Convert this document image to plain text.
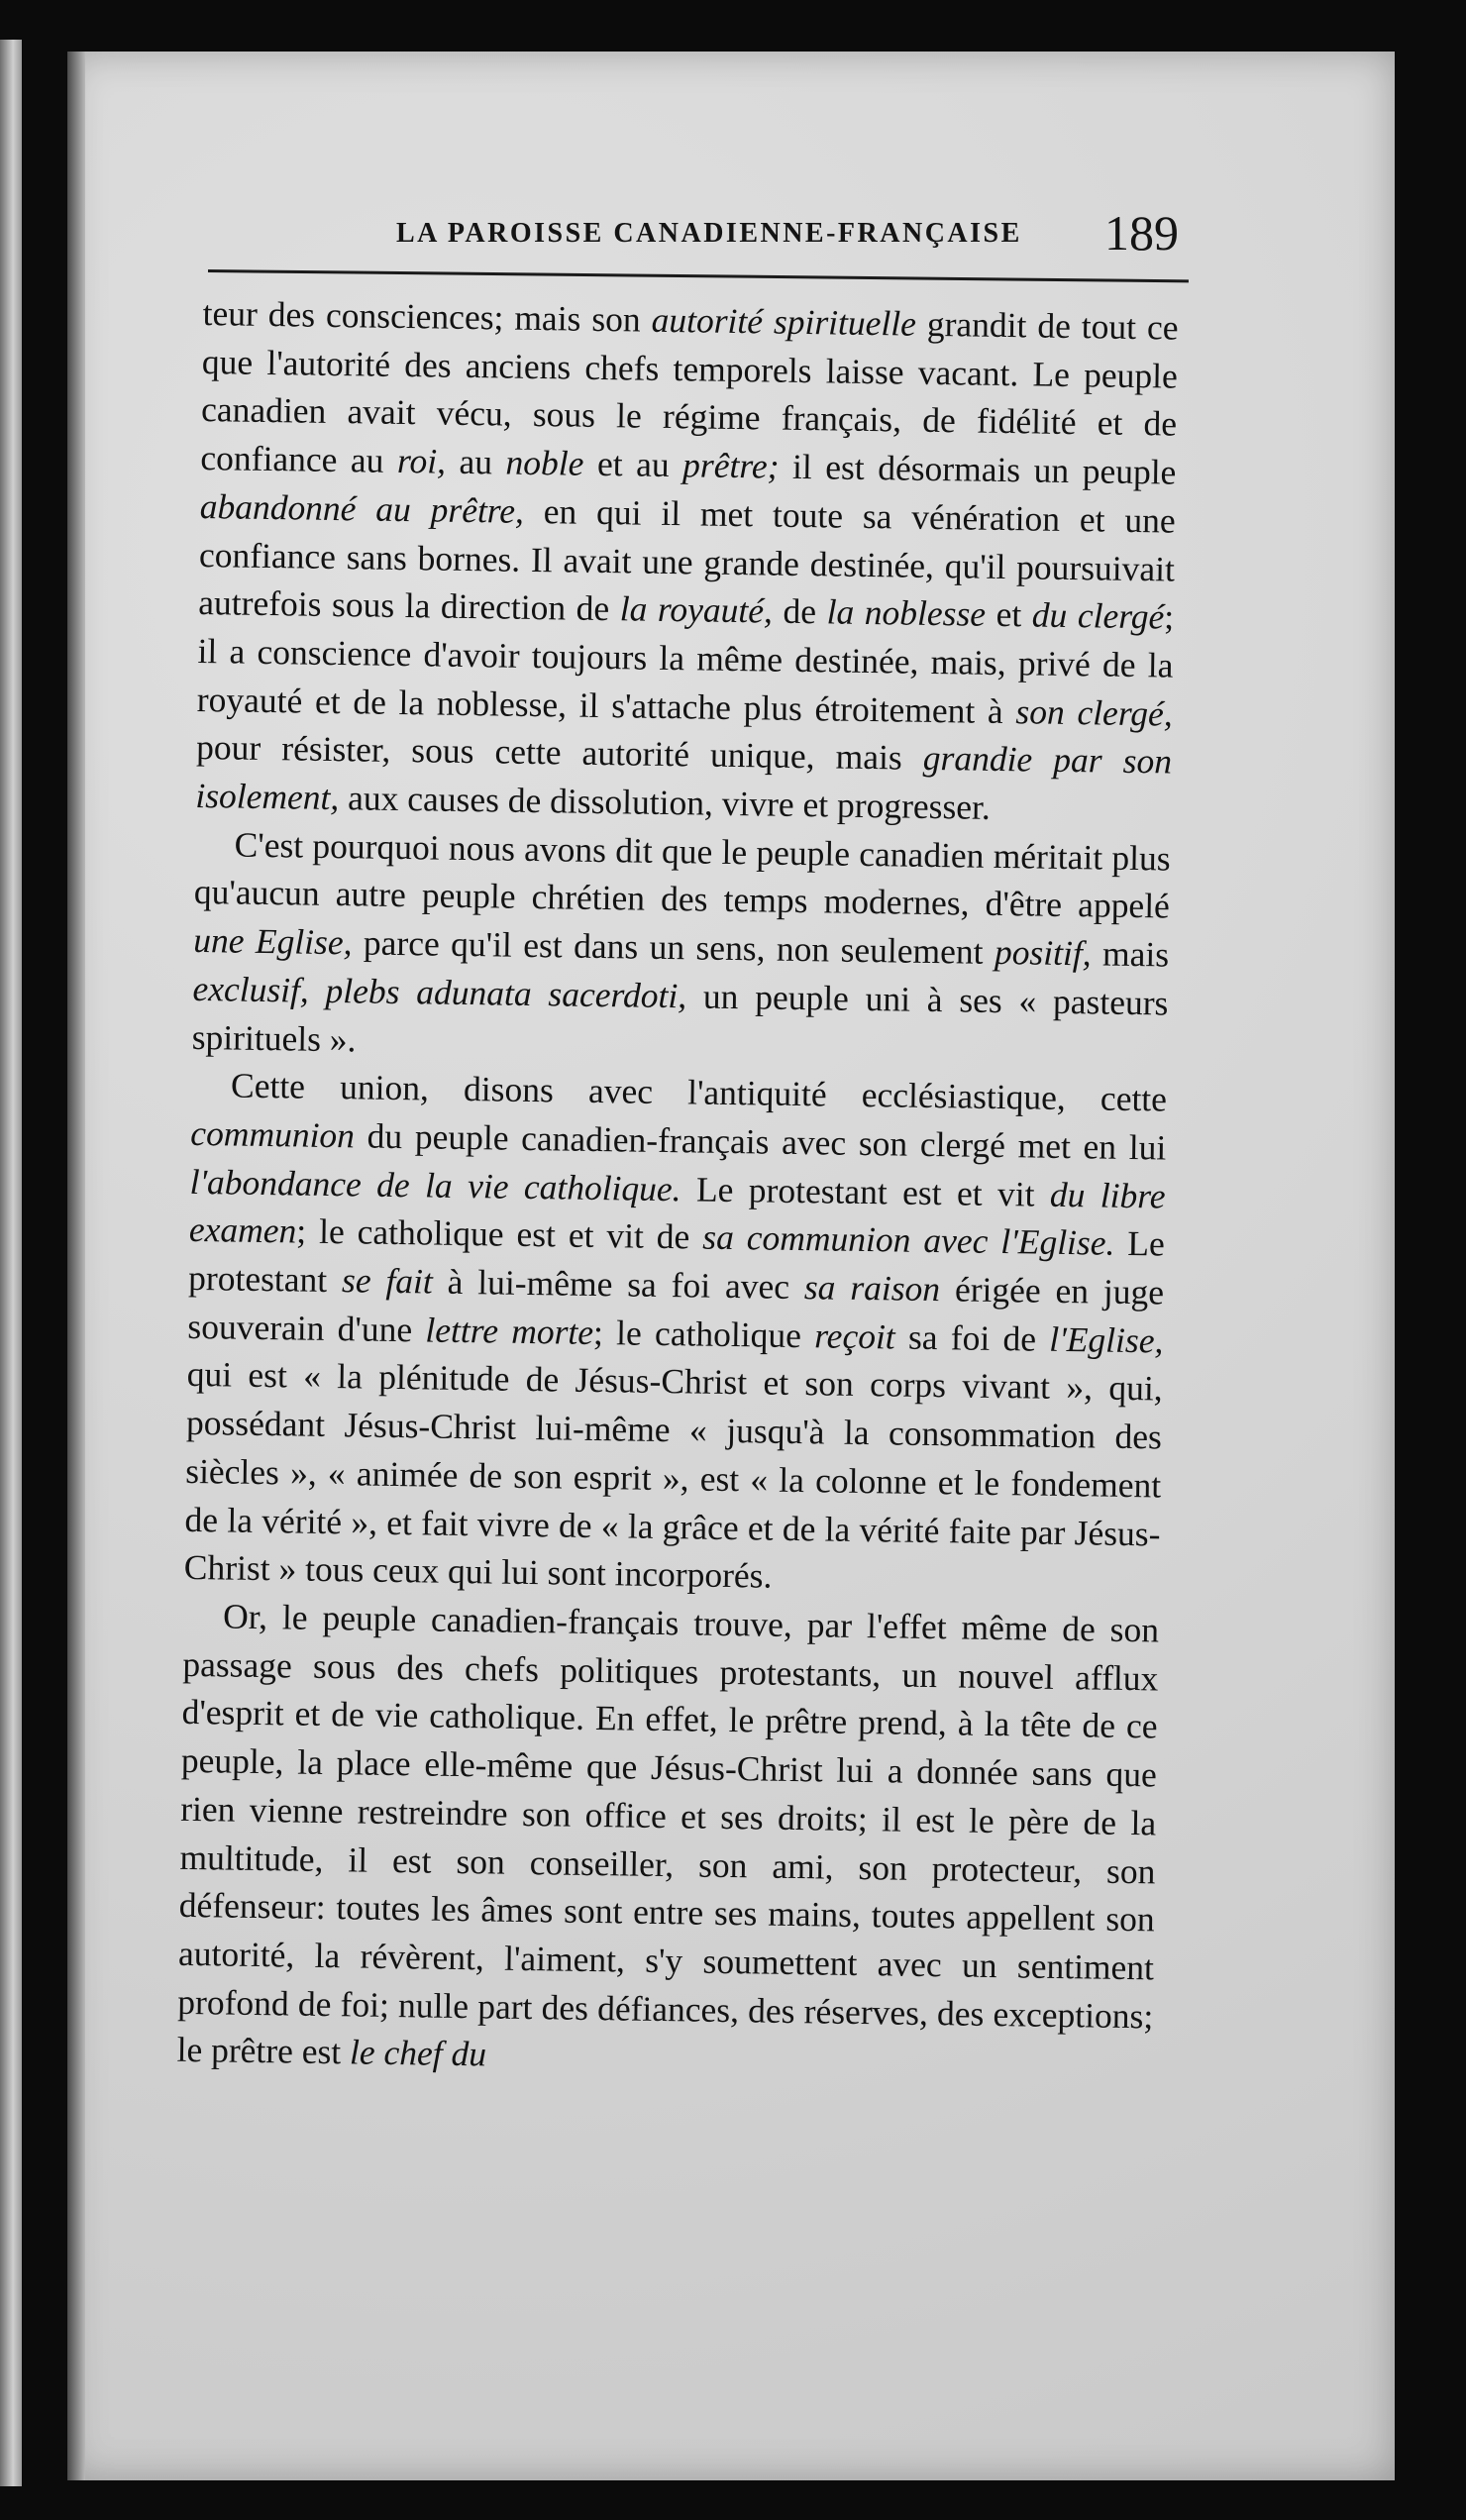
LA PAROISSE CANADIENNE-FRANÇAISE 189

teur des consciences; mais son autorité spirituelle grandit de tout ce que l'autorité des anciens chefs temporels laisse vacant. Le peuple canadien avait vécu, sous le régime français, de fidélité et de confiance au roi, au noble et au prêtre; il est désormais un peuple abandonné au prêtre, en qui il met toute sa vénération et une confiance sans bornes. Il avait une grande destinée, qu'il poursuivait autrefois sous la direction de la royauté, de la noblesse et du clergé; il a conscience d'avoir toujours la même destinée, mais, privé de la royauté et de la noblesse, il s'attache plus étroitement à son clergé, pour résister, sous cette autorité unique, mais grandie par son isolement, aux causes de dissolution, vivre et progresser.

C'est pourquoi nous avons dit que le peuple canadien méritait plus qu'aucun autre peuple chrétien des temps modernes, d'être appelé une Eglise, parce qu'il est dans un sens, non seulement positif, mais exclusif, plebs adunata sacerdoti, un peuple uni à ses « pasteurs spirituels ».

Cette union, disons avec l'antiquité ecclésiastique, cette communion du peuple canadien-français avec son clergé met en lui l'abondance de la vie catholique. Le protestant est et vit du libre examen; le catholique est et vit de sa communion avec l'Eglise. Le protestant se fait à lui-même sa foi avec sa raison érigée en juge souverain d'une lettre morte; le catholique reçoit sa foi de l'Eglise, qui est « la plénitude de Jésus-Christ et son corps vivant », qui, possédant Jésus-Christ lui-même « jusqu'à la consommation des siècles », « animée de son esprit », est « la colonne et le fondement de la vérité », et fait vivre de « la grâce et de la vérité faite par Jésus-Christ » tous ceux qui lui sont incorporés.

Or, le peuple canadien-français trouve, par l'effet même de son passage sous des chefs politiques protestants, un nouvel afflux d'esprit et de vie catholique. En effet, le prêtre prend, à la tête de ce peuple, la place elle-même que Jésus-Christ lui a donnée sans que rien vienne restreindre son office et ses droits; il est le père de la multitude, il est son conseiller, son ami, son protecteur, son défenseur: toutes les âmes sont entre ses mains, toutes appellent son autorité, la révèrent, l'aiment, s'y soumettent avec un sentiment profond de foi; nulle part des défiances, des réserves, des exceptions; le prêtre est le chef du
